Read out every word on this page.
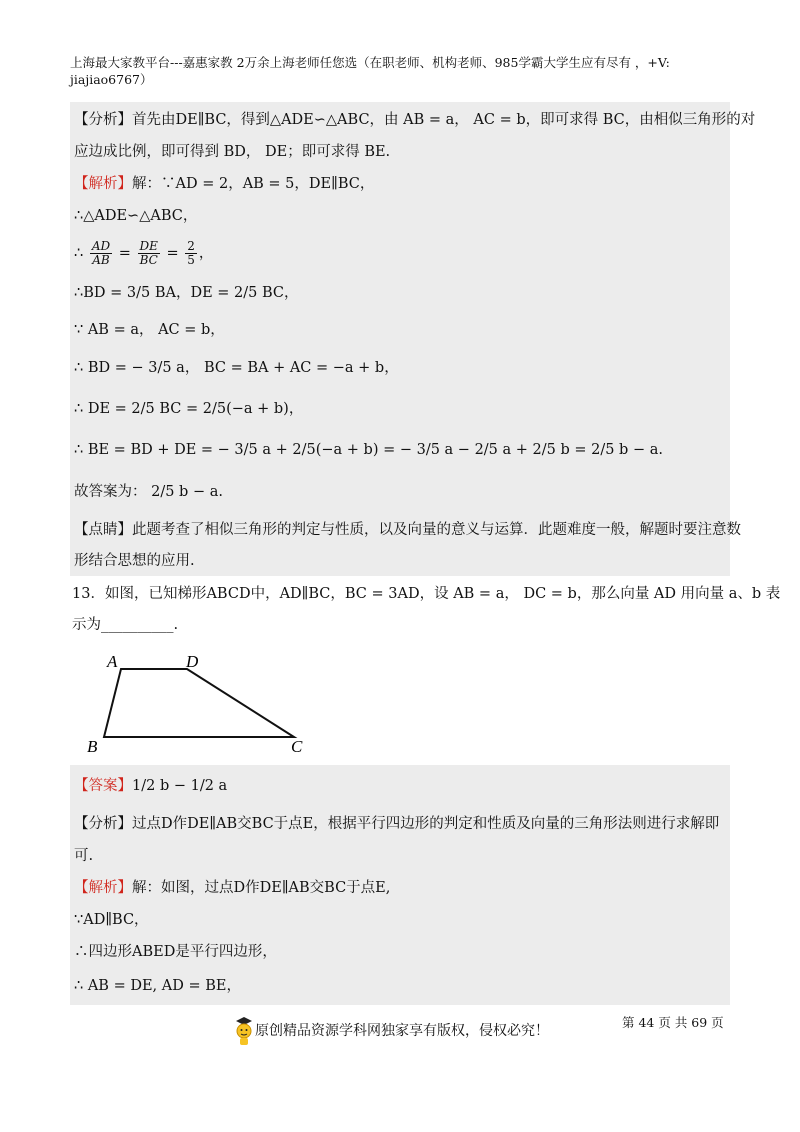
上海最大家教平台---嘉惠家教 2万余上海老师任您选（在职老师、机构老师、985学霸大学生应有尽有 ，+V:
jiajiao6767）
【分析】首先由DE∥BC，得到△ADE∽△ABC，由 AB = a， AC = b，即可求得 BC，由相似三角形的对
应边成比例，即可得到 BD， DE；即可求得 BE.
【解析】解：∵AD = 2，AB = 5，DE∥BC，
∴△ADE∽△ABC，
∴ $\frac{AD}{AB} = \frac{DE}{BC} = \frac{2}{5}$ ，
∴BD = 3/5 BA，DE = 2/5 BC，
∵ AB = a， AC = b，
∴ BD = − 3/5 a， BC = BA + AC = −a + b，
∴ DE = 2/5 BC = 2/5(−a + b)，
∴ BE = BD + DE = − 3/5 a + 2/5(−a + b) = − 3/5 a − 2/5 a + 2/5 b = 2/5 b − a.
故答案为： 2/5 b − a.
【点睛】此题考查了相似三角形的判定与性质，以及向量的意义与运算．此题难度一般，解题时要注意数
形结合思想的应用.
13．如图，已知梯形ABCD中，AD∥BC，BC = 3AD，设 AB = a， DC = b，那么向量 AD 用向量 a、b 表
示为__________.
A	D
B	C
【答案】1/2 b − 1/2 a
【分析】过点D作DE∥AB交BC于点E，根据平行四边形的判定和性质及向量的三角形法则进行求解即
可.
【解析】解：如图，过点D作DE∥AB交BC于点E,
∵AD∥BC，
∴四边形ABED是平行四边形，
∴ AB = DE, AD = BE，
原创精品资源学科网独家享有版权，侵权必究！
第 44 页 共 69 页
